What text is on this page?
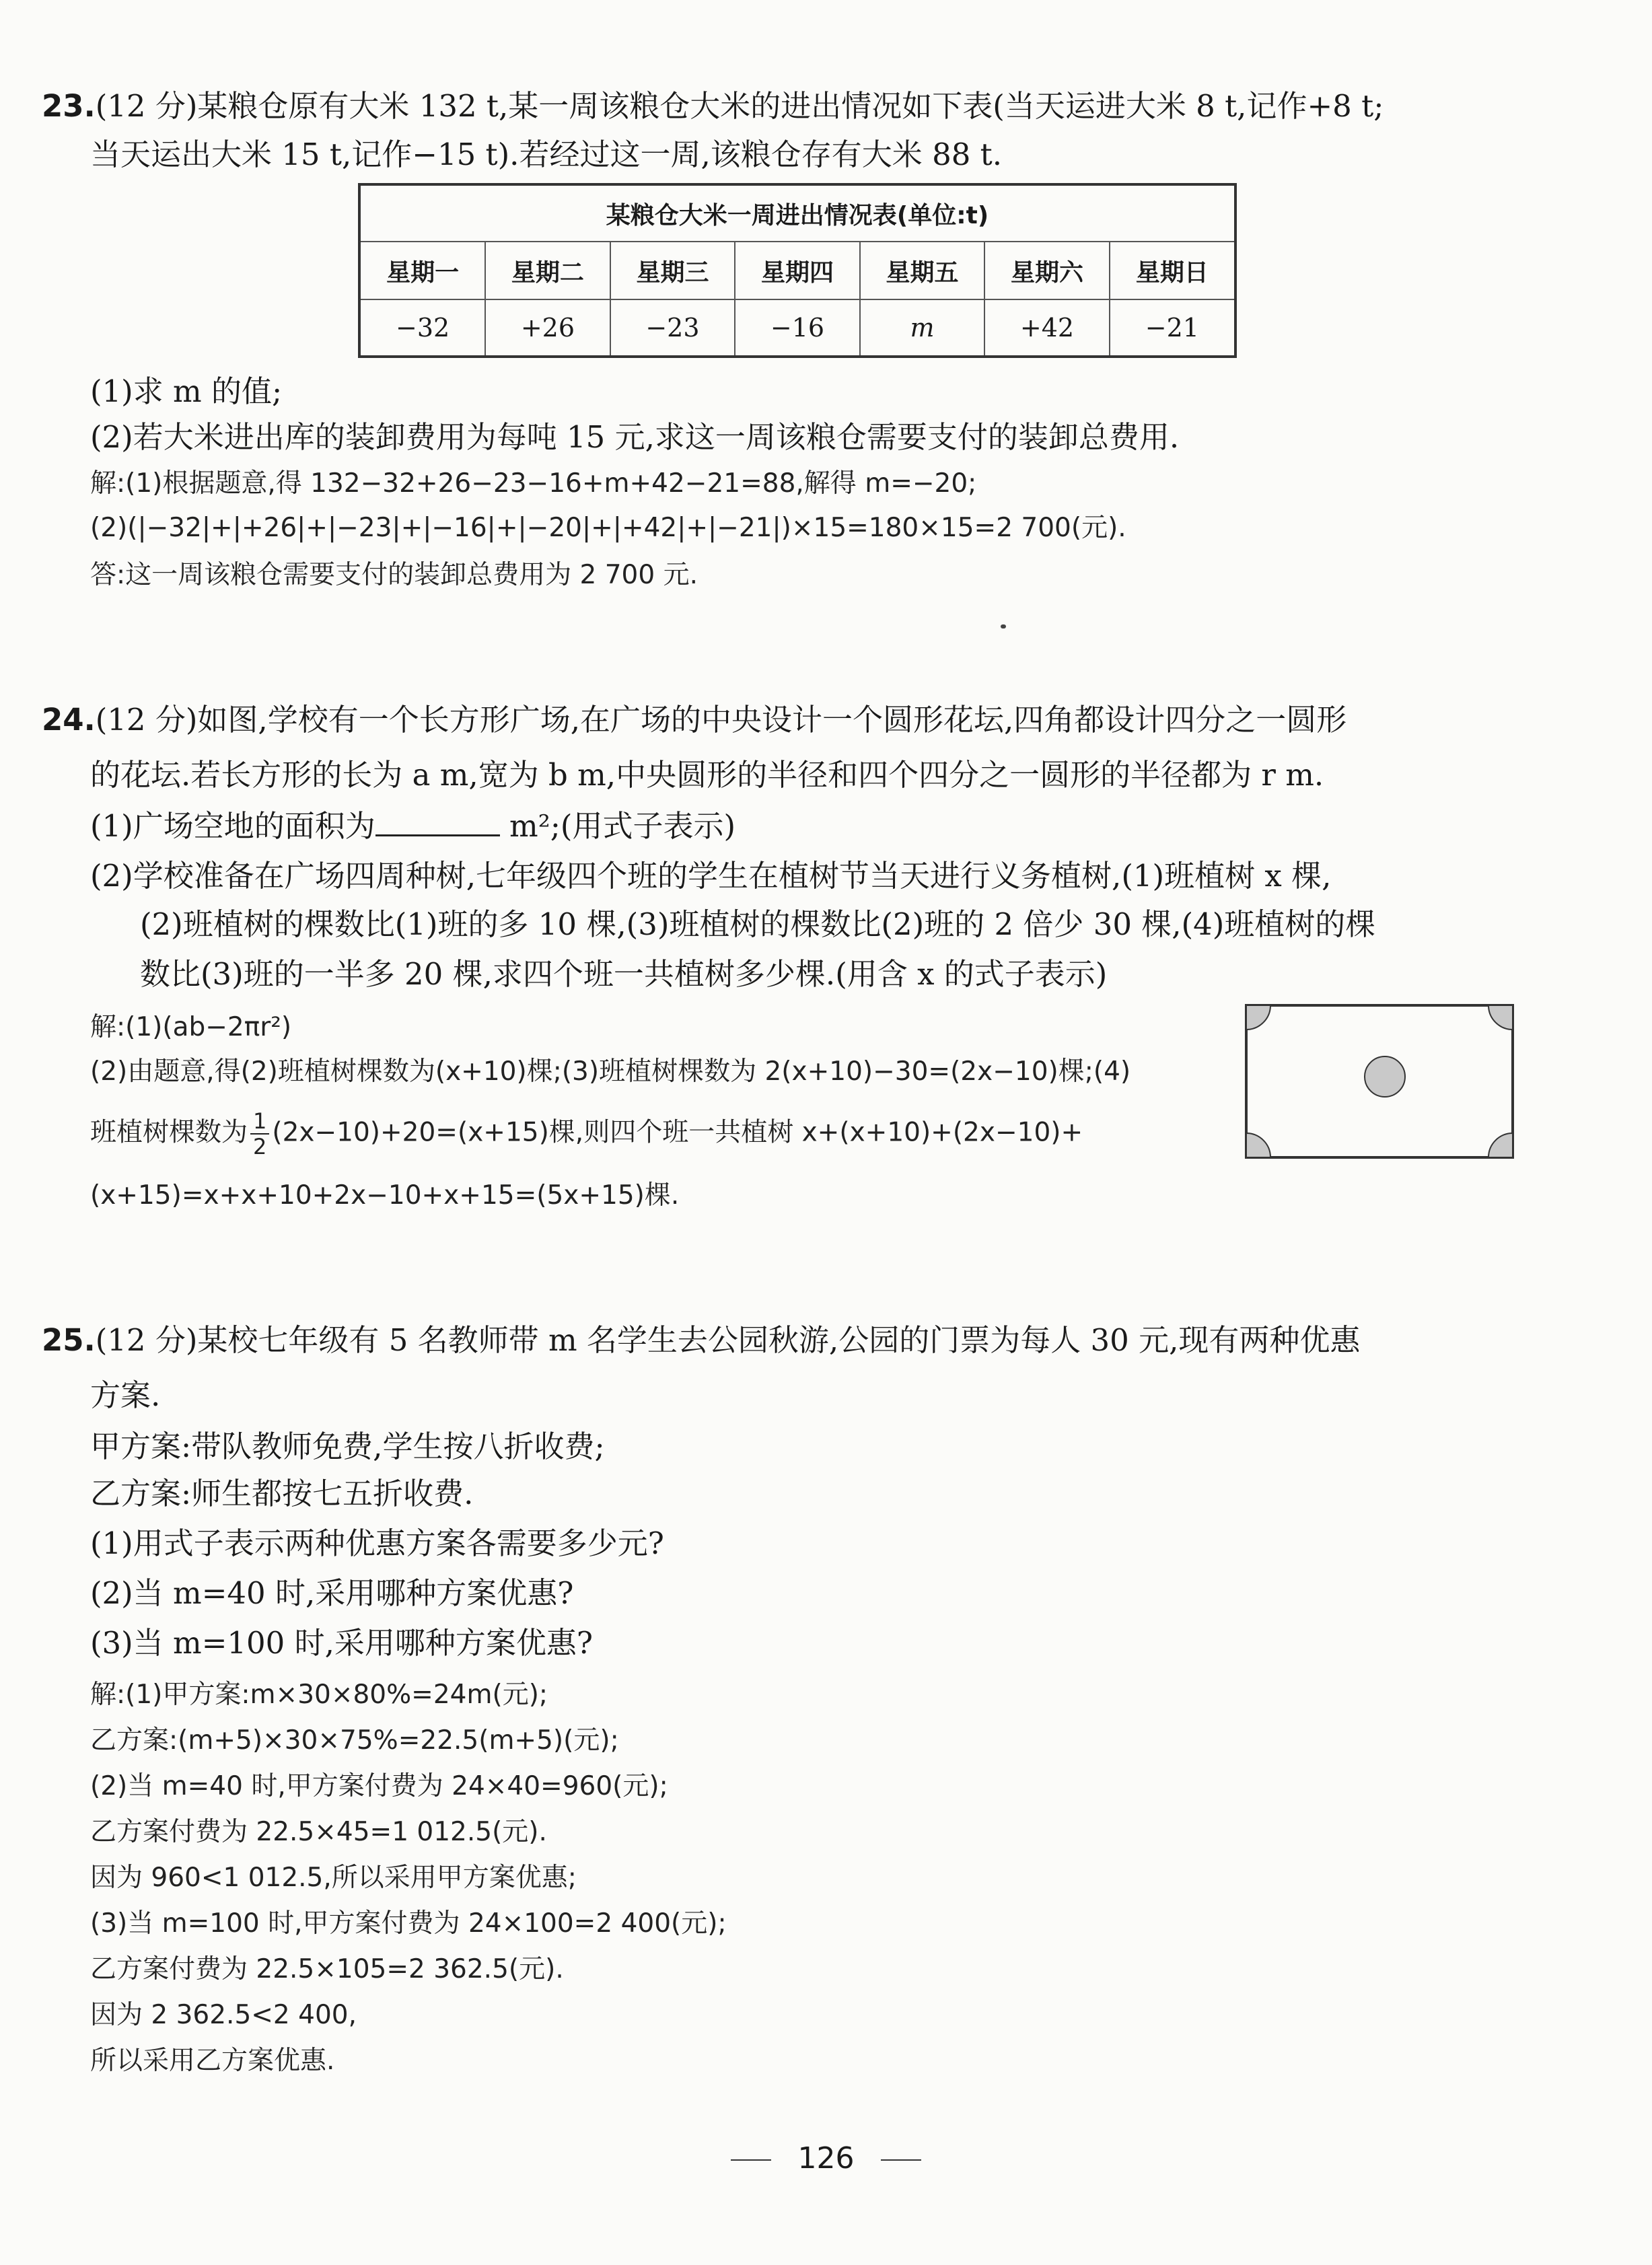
23.(12 分)某粮仓原有大米 132 t,某一周该粮仓大米的进出情况如下表(当天运进大米 8 t,记作+8 t;
当天运出大米 15 t,记作−15 t).若经过这一周,该粮仓存有大米 88 t.
某粮仓大米一周进出情况表(单位:t)						
星期一	星期二	星期三	星期四	星期五	星期六	星期日
−32	+26	−23	−16	m	+42	−21
(1)求 m 的值;
(2)若大米进出库的装卸费用为每吨 15 元,求这一周该粮仓需要支付的装卸总费用.
解:(1)根据题意,得 132−32+26−23−16+m+42−21=88,解得 m=−20;
(2)(|−32|+|+26|+|−23|+|−16|+|−20|+|+42|+|−21|)×15=180×15=2 700(元).
答:这一周该粮仓需要支付的装卸总费用为 2 700 元.
24.(12 分)如图,学校有一个长方形广场,在广场的中央设计一个圆形花坛,四角都设计四分之一圆形
的花坛.若长方形的长为 a m,宽为 b m,中央圆形的半径和四个四分之一圆形的半径都为 r m.
(1)广场空地的面积为	m²;(用式子表示)
(2)学校准备在广场四周种树,七年级四个班的学生在植树节当天进行义务植树,(1)班植树 x 棵,
(2)班植树的棵数比(1)班的多 10 棵,(3)班植树的棵数比(2)班的 2 倍少 30 棵,(4)班植树的棵
数比(3)班的一半多 20 棵,求四个班一共植树多少棵.(用含 x 的式子表示)
解:(1)(ab−2πr²)
(2)由题意,得(2)班植树棵数为(x+10)棵;(3)班植树棵数为 2(x+10)−30=(2x−10)棵;(4)
班植树棵数为 $\frac{1}{2} (2x-10)+20=(x+15)$棵,则四个班一共植树 x+(x+10)+(2x−10)+
(x+15)=x+x+10+2x−10+x+15=(5x+15)棵.
25.(12 分)某校七年级有 5 名教师带 m 名学生去公园秋游,公园的门票为每人 30 元,现有两种优惠
方案.
甲方案:带队教师免费,学生按八折收费;
乙方案:师生都按七五折收费.
(1)用式子表示两种优惠方案各需要多少元?
(2)当 m=40 时,采用哪种方案优惠?
(3)当 m=100 时,采用哪种方案优惠?
解:(1)甲方案:m×30×80%=24m(元);
乙方案:(m+5)×30×75%=22.5(m+5)(元);
(2)当 m=40 时,甲方案付费为 24×40=960(元);
乙方案付费为 22.5×45=1 012.5(元).
因为 960<1 012.5,所以采用甲方案优惠;
(3)当 m=100 时,甲方案付费为 24×100=2 400(元);
乙方案付费为 22.5×105=2 362.5(元).
因为 2 362.5<2 400,
所以采用乙方案优惠.
126
